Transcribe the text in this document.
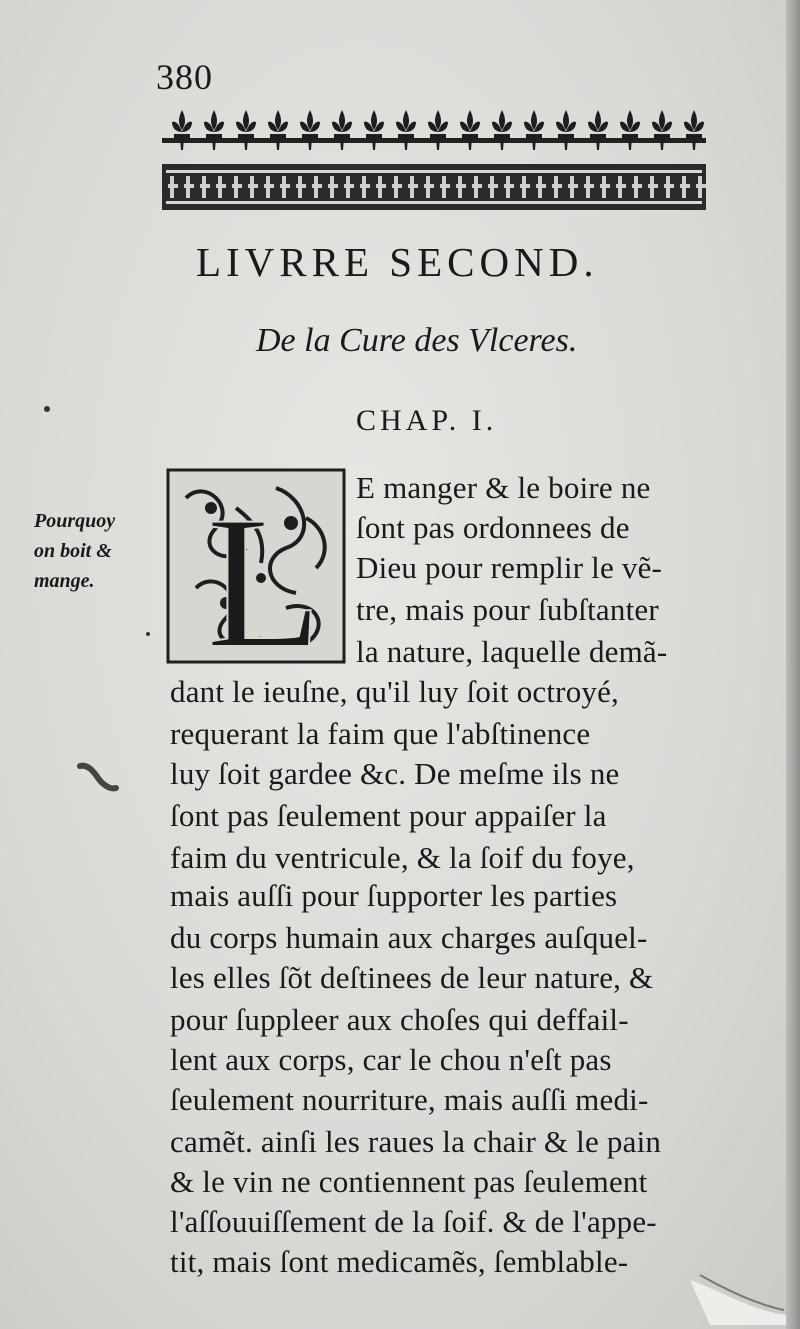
380
LIVRRE SECOND.
De la Cure des Vlceres.
CHAP. I.
Pourquoy
on boit &
mange. L E manger & le boire ne
ſont pas ordonnees de
Dieu pour remplir le vẽ-
tre, mais pour ſubſtanter
la nature, laquelle demã-
dant le ieuſne, qu'il luy ſoit octroyé,
requerant la faim que l'abſtinence
luy ſoit gardee &c. De meſme ils ne
ſont pas ſeulement pour appaiſer la
faim du ventricule, & la ſoif du foye,
mais auſſi pour ſupporter les parties
du corps humain aux charges auſquel-
les elles ſõt deſtinees de leur nature, &
pour ſuppleer aux choſes qui deffail-
lent aux corps, car le chou n'eſt pas
ſeulement nourriture, mais auſſi medi-
camẽt. ainſi les raues la chair & le pain
& le vin ne contiennent pas ſeulement
l'aſſouuiſſement de la ſoif. & de l'appe-
tit, mais ſont medicamẽs, ſemblable-
